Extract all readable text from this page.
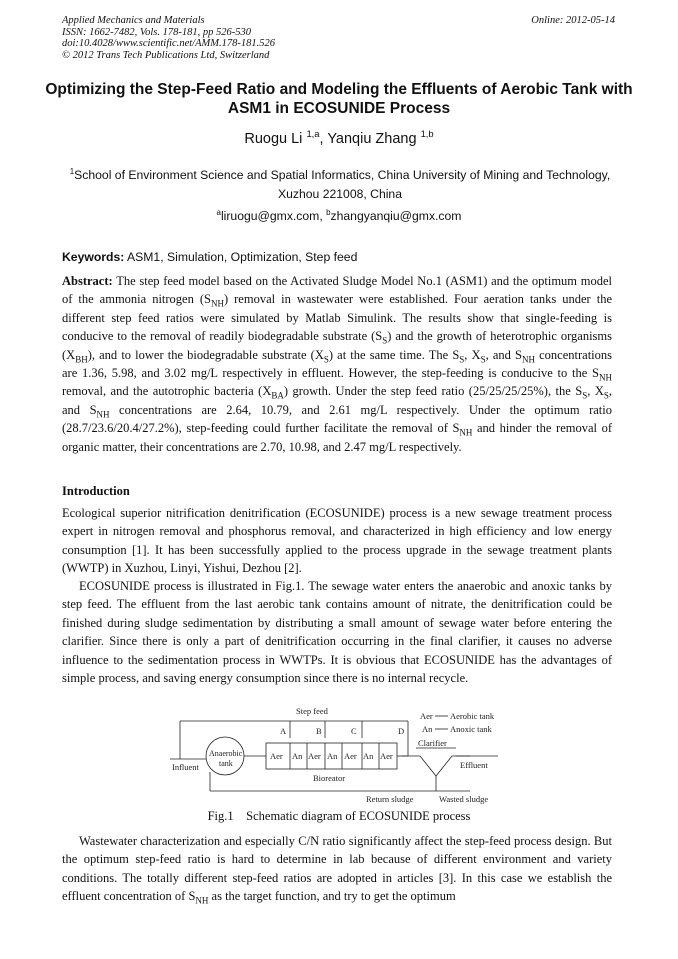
Applied Mechanics and Materials
ISSN: 1662-7482, Vols. 178-181, pp 526-530
doi:10.4028/www.scientific.net/AMM.178-181.526
© 2012 Trans Tech Publications Ltd, Switzerland
Online: 2012-05-14
Optimizing the Step-Feed Ratio and Modeling the Effluents of Aerobic Tank with ASM1 in ECOSUNIDE Process
Ruogu Li $^{1,a}$, Yanqiu Zhang $^{1,b}$
$^1$School of Environment Science and Spatial Informatics, China University of Mining and Technology, Xuzhou 221008, China
$^a$liruogu@gmx.com, $^b$zhangyanqiu@gmx.com
Keywords: ASM1, Simulation, Optimization, Step feed
Abstract: The step feed model based on the Activated Sludge Model No.1 (ASM1) and the optimum model of the ammonia nitrogen $(S_{NH})$ removal in wastewater were established. Four aeration tanks under the different step feed ratios were simulated by Matlab Simulink. The results show that single-feeding is conducive to the removal of readily biodegradable substrate $(S_S)$ and the growth of heterotrophic organisms $(X_{BH})$, and to lower the biodegradable substrate $(X_S)$ at the same time. The $S_S$, $X_S$, and $S_{NH}$ concentrations are 1.36, 5.98, and 3.02 mg/L respectively in effluent. However, the step-feeding is conducive to the $S_{NH}$ removal, and the autotrophic bacteria $(X_{BA})$ growth. Under the step feed ratio (25/25/25/25%), the $S_S$, $X_S$, and $S_{NH}$ concentrations are 2.64, 10.79, and 2.61 mg/L respectively. Under the optimum ratio (28.7/23.6/20.4/27.2%), step-feeding could further facilitate the removal of $S_{NH}$ and hinder the removal of organic matter, their concentrations are 2.70, 10.98, and 2.47 mg/L respectively.
Introduction
Ecological superior nitrification denitrification (ECOSUNIDE) process is a new sewage treatment process expert in nitrogen removal and phosphorus removal, and characterized in high efficiency and low energy consumption [1]. It has been successfully applied to the process upgrade in the sewage treatment plants (WWTP) in Xuzhou, Linyi, Yishui, Dezhou [2].
ECOSUNIDE process is illustrated in Fig.1. The sewage water enters the anaerobic and anoxic tanks by step feed. The effluent from the last aerobic tank contains amount of nitrate, the denitrification could be finished during sludge sedimentation by distributing a small amount of sewage water before entering the clarifier. Since there is only a part of denitrification occurring in the final clarifier, it causes no adverse influence to the sedimentation process in WWTPs. It is obvious that ECOSUNIDE has the advantages of simple process, and saving energy consumption since there is no internal recycle.
Step feed
A	B	C	D
Aer Aerobic tank
An Anoxic tank
Anaerobic
tank
Influent
Aer An Aer An Aer An Aer
Bioreator
Clarifier
Effluent
Return sludge	Wasted sludge
Fig.1    Schematic diagram of ECOSUNIDE process
Wastewater characterization and especially C/N ratio significantly affect the step-feed process design. But the optimum step-feed ratio is hard to determine in lab because of different environment and variety conditions. The totally different step-feed ratios are adopted in articles [3]. In this case we establish the effluent concentration of $S_{NH}$ as the target function, and try to get the optimum
